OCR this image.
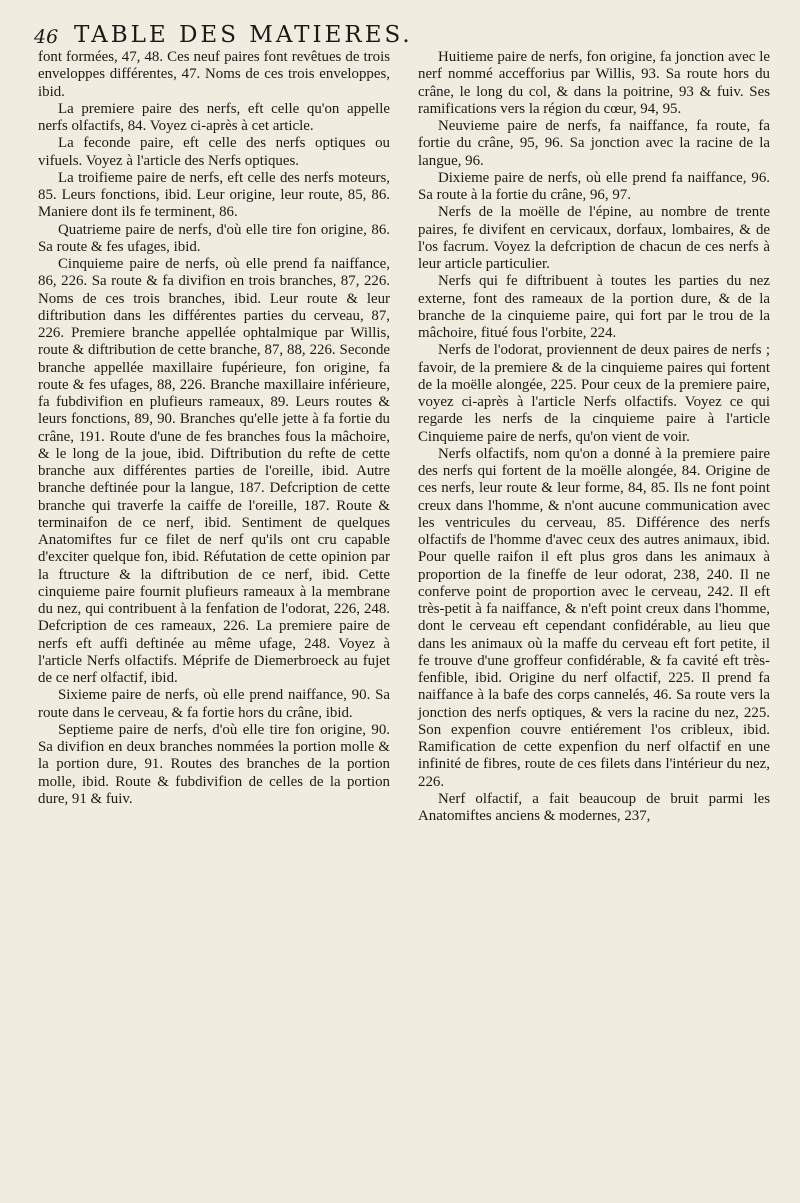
46 TABLE DES MATIERES.

font formées, 47, 48. Ces neuf paires font revêtues de trois enveloppes différentes, 47. Noms de ces trois enveloppes, ibid.

La premiere paire des nerfs, eft celle qu'on appelle nerfs olfactifs, 84. Voyez ci-après à cet article.

La feconde paire, eft celle des nerfs optiques ou vifuels. Voyez à l'article des Nerfs optiques.

La troifieme paire de nerfs, eft celle des nerfs moteurs, 85. Leurs fonctions, ibid. Leur origine, leur route, 85, 86. Maniere dont ils fe terminent, 86.

Quatrieme paire de nerfs, d'où elle tire fon origine, 86. Sa route & fes ufages, ibid.

Cinquieme paire de nerfs, où elle prend fa naiffance, 86, 226. Sa route & fa divifion en trois branches, 87, 226. Noms de ces trois branches, ibid. Leur route & leur diftribution dans les différentes parties du cerveau, 87, 226. Premiere branche appellée ophtalmique par Willis, route & diftribution de cette branche, 87, 88, 226. Seconde branche appellée maxillaire fupérieure, fon origine, fa route & fes ufages, 88, 226. Branche maxillaire inférieure, fa fubdivifion en plufieurs rameaux, 89. Leurs routes & leurs fonctions, 89, 90. Branches qu'elle jette à fa fortie du crâne, 191. Route d'une de fes branches fous la mâchoire, & le long de la joue, ibid. Diftribution du refte de cette branche aux différentes parties de l'oreille, ibid. Autre branche deftinée pour la langue, 187. Defcription de cette branche qui traverfe la caiffe de l'oreille, 187. Route & terminaifon de ce nerf, ibid. Sentiment de quelques Anatomiftes fur ce filet de nerf qu'ils ont cru capable d'exciter quelque fon, ibid. Réfutation de cette opinion par la ftructure & la diftribution de ce nerf, ibid. Cette cinquieme paire fournit plufieurs rameaux à la membrane du nez, qui contribuent à la fenfation de l'odorat, 226, 248. Defcription de ces rameaux, 226. La premiere paire de nerfs eft auffi deftinée au même ufage, 248. Voyez à l'article Nerfs olfactifs. Méprife de Diemerbroeck au fujet de ce nerf olfactif, ibid.

Sixieme paire de nerfs, où elle prend naiffance, 90. Sa route dans le cerveau, & fa fortie hors du crâne, ibid.

Septieme paire de nerfs, d'où elle tire fon origine, 90. Sa divifion en deux branches nommées la portion molle & la portion dure, 91. Routes des branches de la portion molle, ibid. Route & fubdivifion de celles de la portion dure, 91 & fuiv.

Huitieme paire de nerfs, fon origine, fa jonction avec le nerf nommé accefforius par Willis, 93. Sa route hors du crâne, le long du col, & dans la poitrine, 93 & fuiv. Ses ramifications vers la région du cœur, 94, 95.

Neuvieme paire de nerfs, fa naiffance, fa route, fa fortie du crâne, 95, 96. Sa jonction avec la racine de la langue, 96.

Dixieme paire de nerfs, où elle prend fa naiffance, 96. Sa route à la fortie du crâne, 96, 97.

Nerfs de la moëlle de l'épine, au nombre de trente paires, fe divifent en cervicaux, dorfaux, lombaires, & de l'os facrum. Voyez la defcription de chacun de ces nerfs à leur article particulier.

Nerfs qui fe diftribuent à toutes les parties du nez externe, font des rameaux de la portion dure, & de la branche de la cinquieme paire, qui fort par le trou de la mâchoire, fitué fous l'orbite, 224.

Nerfs de l'odorat, proviennent de deux paires de nerfs ; favoir, de la premiere & de la cinquieme paires qui fortent de la moëlle alongée, 225. Pour ceux de la premiere paire, voyez ci-après à l'article Nerfs olfactifs. Voyez ce qui regarde les nerfs de la cinquieme paire à l'article Cinquieme paire de nerfs, qu'on vient de voir.

Nerfs olfactifs, nom qu'on a donné à la premiere paire des nerfs qui fortent de la moëlle alongée, 84. Origine de ces nerfs, leur route & leur forme, 84, 85. Ils ne font point creux dans l'homme, & n'ont aucune communication avec les ventricules du cerveau, 85. Différence des nerfs olfactifs de l'homme d'avec ceux des autres animaux, ibid. Pour quelle raifon il eft plus gros dans les animaux à proportion de la fineffe de leur odorat, 238, 240. Il ne conferve point de proportion avec le cerveau, 242. Il eft très-petit à fa naiffance, & n'eft point creux dans l'homme, dont le cerveau eft cependant confidérable, au lieu que dans les animaux où la maffe du cerveau eft fort petite, il fe trouve d'une groffeur confidérable, & fa cavité eft très-fenfible, ibid. Origine du nerf olfactif, 225. Il prend fa naiffance à la bafe des corps cannelés, 46. Sa route vers la jonction des nerfs optiques, & vers la racine du nez, 225. Son expenfion couvre entiérement l'os cribleux, ibid. Ramification de cette expenfion du nerf olfactif en une infinité de fibres, route de ces filets dans l'intérieur du nez, 226.

Nerf olfactif, a fait beaucoup de bruit parmi les Anatomiftes anciens & modernes, 237,
